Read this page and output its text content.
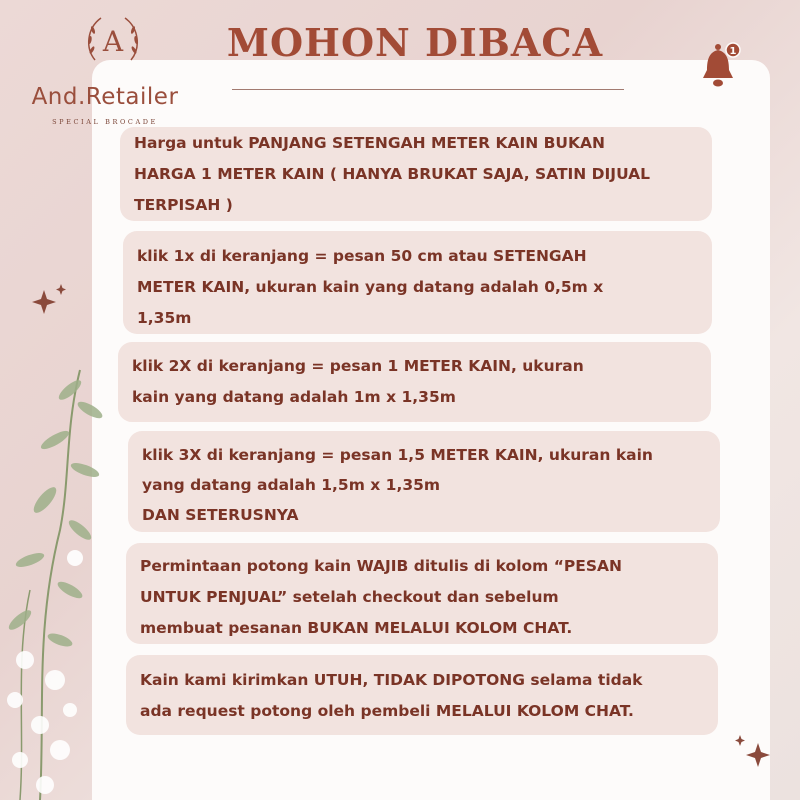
A
And.Retailer
SPECIAL BROCADE
MOHON DIBACA	1

Harga untuk PANJANG SETENGAH METER KAIN BUKAN
HARGA 1 METER KAIN ( HANYA BRUKAT SAJA, SATIN DIJUAL
TERPISAH )

klik 1x di keranjang = pesan 50 cm atau SETENGAH
METER KAIN, ukuran kain yang datang adalah 0,5m x
1,35m

klik 2X di keranjang = pesan 1 METER KAIN, ukuran
kain yang datang adalah 1m x 1,35m

klik 3X di keranjang = pesan 1,5 METER KAIN, ukuran kain
yang datang adalah 1,5m x 1,35m
DAN SETERUSNYA

Permintaan potong kain WAJIB ditulis di kolom “PESAN
UNTUK PENJUAL” setelah checkout dan sebelum
membuat pesanan BUKAN MELALUI KOLOM CHAT.

Kain kami kirimkan UTUH, TIDAK DIPOTONG selama tidak
ada request potong oleh pembeli MELALUI KOLOM CHAT.
